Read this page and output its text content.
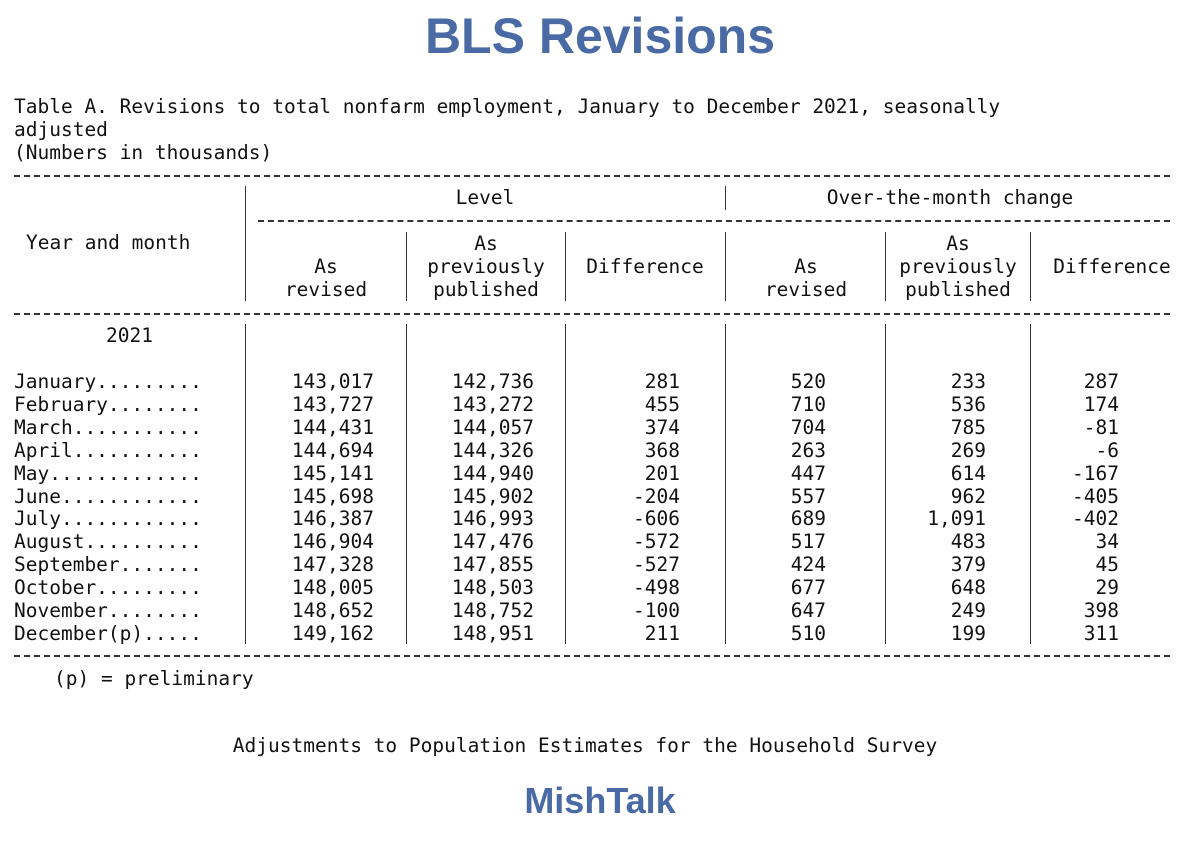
BLS Revisions
Table A. Revisions to total nonfarm employment, January to December 2021, seasonally
adjusted
(Numbers in thousands)
Year and month
Level	Over-the-month change
As
revised
As
previously
published
Difference	As
revised
As
previously
published
Difference
2021
January.........	143,017	142,736	281	520	233	287
February........	143,727	143,272	455	710	536	174
March...........	144,431	144,057	374	704	785	-81
April...........	144,694	144,326	368	263	269	-6
May.............	145,141	144,940	201	447	614	-167
June............	145,698	145,902	-204	557	962	-405
July............	146,387	146,993	-606	689	1,091	-402
August..........	146,904	147,476	-572	517	483	34
September.......	147,328	147,855	-527	424	379	45
October.........	148,005	148,503	-498	677	648	29
November........	148,652	148,752	-100	647	249	398
December(p).....	149,162	148,951	211	510	199	311
(p) = preliminary
Adjustments to Population Estimates for the Household Survey
MishTalk
